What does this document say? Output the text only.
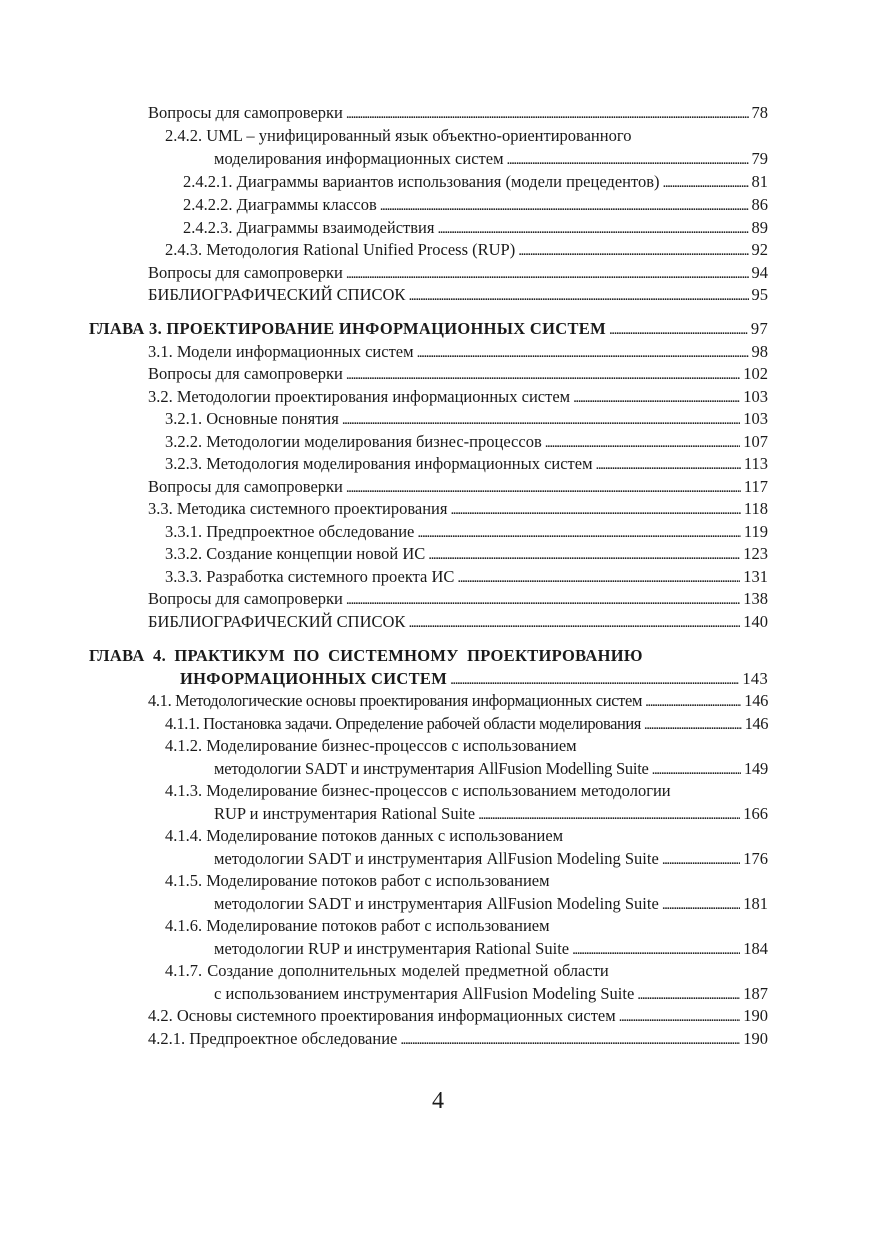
Вопросы для самопроверки . . .	78
2.4.2. UML – унифицированный язык объектно-ориентированного
моделирования информационных систем . . .	79
2.4.2.1. Диаграммы вариантов использования (модели прецедентов) . . .	81
2.4.2.2. Диаграммы классов . . .	86
2.4.2.3. Диаграммы взаимодействия . . .	89
2.4.3. Методология Rational Unified Process (RUP) . . .	92
Вопросы для самопроверки . . .	94
БИБЛИОГРАФИЧЕСКИЙ СПИСОК . . .	95
ГЛАВА 3. ПРОЕКТИРОВАНИЕ ИНФОРМАЦИОННЫХ СИСТЕМ . . .	97
3.1. Модели информационных систем . . .	98
Вопросы для самопроверки . . .	102
3.2. Методологии проектирования информационных систем . . .	103
3.2.1. Основные понятия . . .	103
3.2.2. Методологии моделирования бизнес-процессов . . .	107
3.2.3. Методология моделирования информационных систем . . .	113
Вопросы для самопроверки . . .	117
3.3. Методика системного проектирования . . .	118
3.3.1. Предпроектное обследование . . .	119
3.3.2. Создание концепции новой ИС . . .	123
3.3.3. Разработка системного проекта ИС . . .	131
Вопросы для самопроверки . . .	138
БИБЛИОГРАФИЧЕСКИЙ СПИСОК . . .	140
ГЛАВА 4. ПРАКТИКУМ ПО СИСТЕМНОМУ ПРОЕКТИРОВАНИЮ
ИНФОРМАЦИОННЫХ СИСТЕМ . . .	143
4.1. Методологические основы проектирования информационных систем . . .	146
4.1.1. Постановка задачи. Определение рабочей области моделирования . . .	146
4.1.2. Моделирование бизнес-процессов с использованием
методологии SADT и инструментария AllFusion Modelling Suite . . .	149
4.1.3. Моделирование бизнес-процессов с использованием методологии
RUP и инструментария Rational Suite . . .	166
4.1.4. Моделирование потоков данных с использованием
методологии SADT и инструментария AllFusion Modeling Suite . . .	176
4.1.5. Моделирование потоков работ с использованием
методологии SADT и инструментария AllFusion Modeling Suite . . .	181
4.1.6. Моделирование потоков работ с использованием
методологии RUP и инструментария Rational Suite . . .	184
4.1.7. Создание дополнительных моделей предметной области
с использованием инструментария AllFusion Modeling Suite . . .	187
4.2. Основы системного проектирования информационных систем . . .	190
4.2.1. Предпроектное обследование . . .	190
4
